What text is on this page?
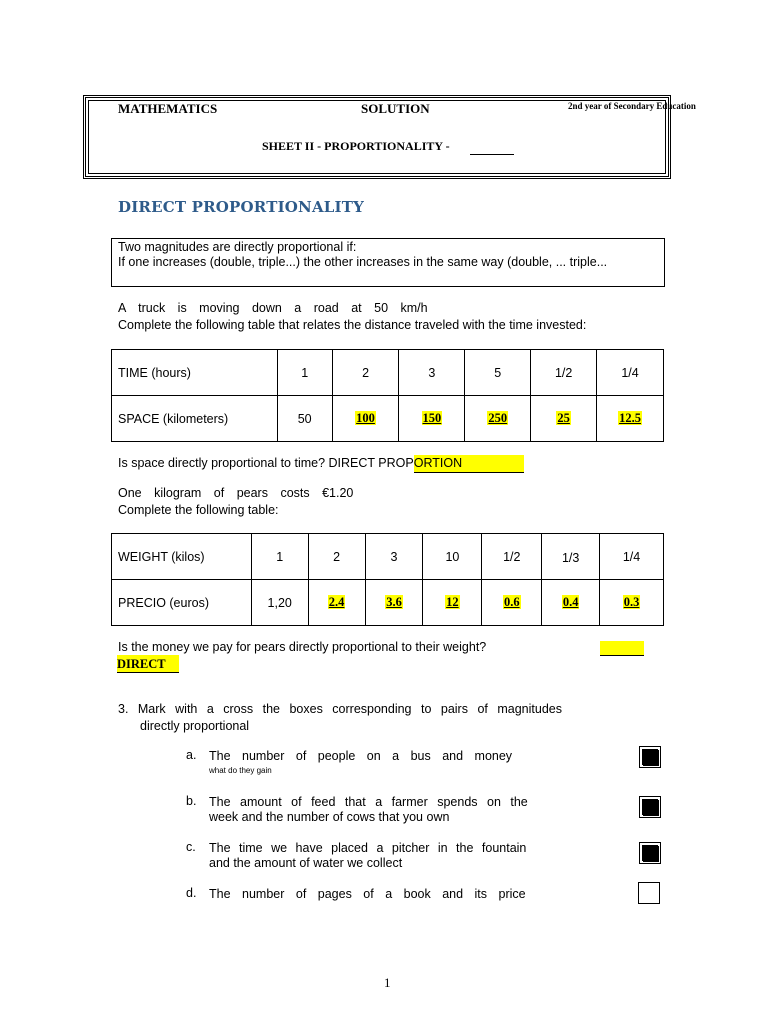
MATHEMATICS	SOLUTION	2nd year of Secondary Education
SHEET II - PROPORTIONALITY -
DIRECT PROPORTIONALITY
Two magnitudes are directly proportional if:
If one increases (double, triple...) the other increases in the same way (double, ... triple...
A truck is moving down a road at 50 km/h
Complete the following table that relates the distance traveled with the time invested:
TIME (hours)	1	2	3	5	1/2	1/4
SPACE (kilometers)	50	100	150	250	25	12.5
Is space directly proportional to time? DIRECT PROPORTION
One kilogram of pears costs €1.20
Complete the following table:
WEIGHT (kilos)	1	2	3	10	1/2	1/3	1/4
PRECIO (euros)	1,20	2.4	3.6	12	0.6	0.4	0.3
Is the money we pay for pears directly proportional to their weight?
DIRECT
3. Mark with a cross the boxes corresponding to pairs of magnitudes
directly proportional
a. The number of people on a bus and money
what do they gain
b. The amount of feed that a farmer spends on the
week and the number of cows that you own
c. The time we have placed a pitcher in the fountain
and the amount of water we collect
d. The number of pages of a book and its price
1
